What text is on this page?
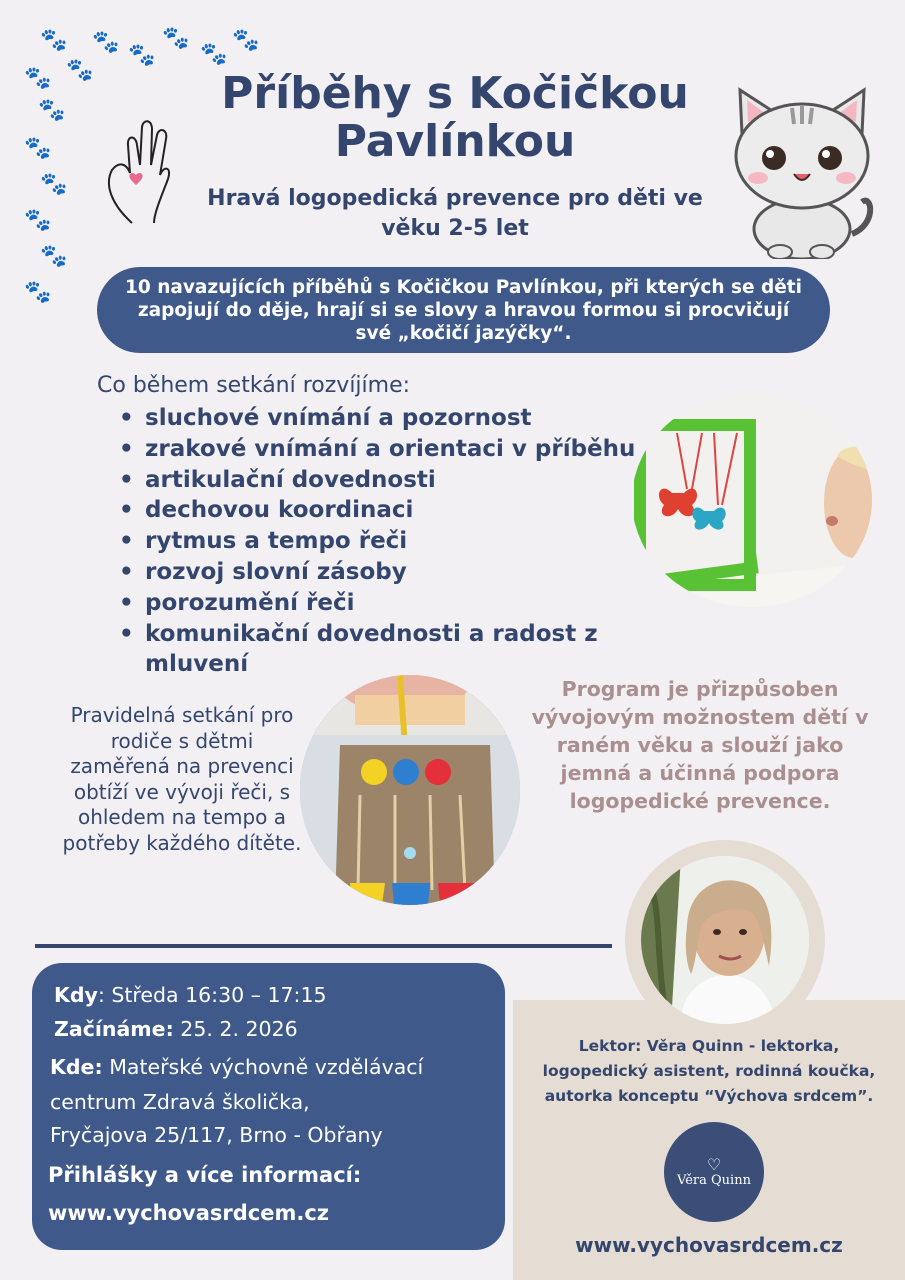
🐾 🐾
🐾
🐾
🐾
🐾
🐾
🐾
🐾
🐾
🐾
🐾
🐾
🐾
Příběhy s Kočičkou Pavlínkou
Hravá logopedická prevence pro děti ve věku 2-5 let
10 navazujících příběhů s Kočičkou Pavlínkou, při kterých se děti zapojují do děje, hrají si se slovy a hravou formou si procvičují své „kočičí jazýčky“.
Co během setkání rozvíjíme:
• sluchové vnímání a pozornost
• zrakové vnímání a orientaci v příběhu
• artikulační dovednosti
• dechovou koordinaci
• rytmus a tempo řeči
• rozvoj slovní zásoby
• porozumění řeči
• komunikační dovednosti a radost z mluvení
Pravidelná setkání pro rodiče s dětmi zaměřená na prevenci obtíží ve vývoji řeči, s ohledem na tempo a potřeby každého dítěte.
Program je přizpůsoben vývojovým možnostem dětí v raném věku a slouží jako jemná a účinná podpora logopedické prevence.
Kdy: Středa 16:30 – 17:15
Začínáme: 25. 2. 2026
Kde: Mateřské výchovně vzdělávací
centrum Zdravá školička,
Fryčajova 25/117, Brno - Obřany
Přihlášky a více informací:
www.vychovasrdcem.cz
Lektor: Věra Quinn - lektorka, logopedický asistent, rodinná koučka, autorka konceptu “Výchova srdcem”.
♡
Věra Quinn
www.vychovasrdcem.cz
